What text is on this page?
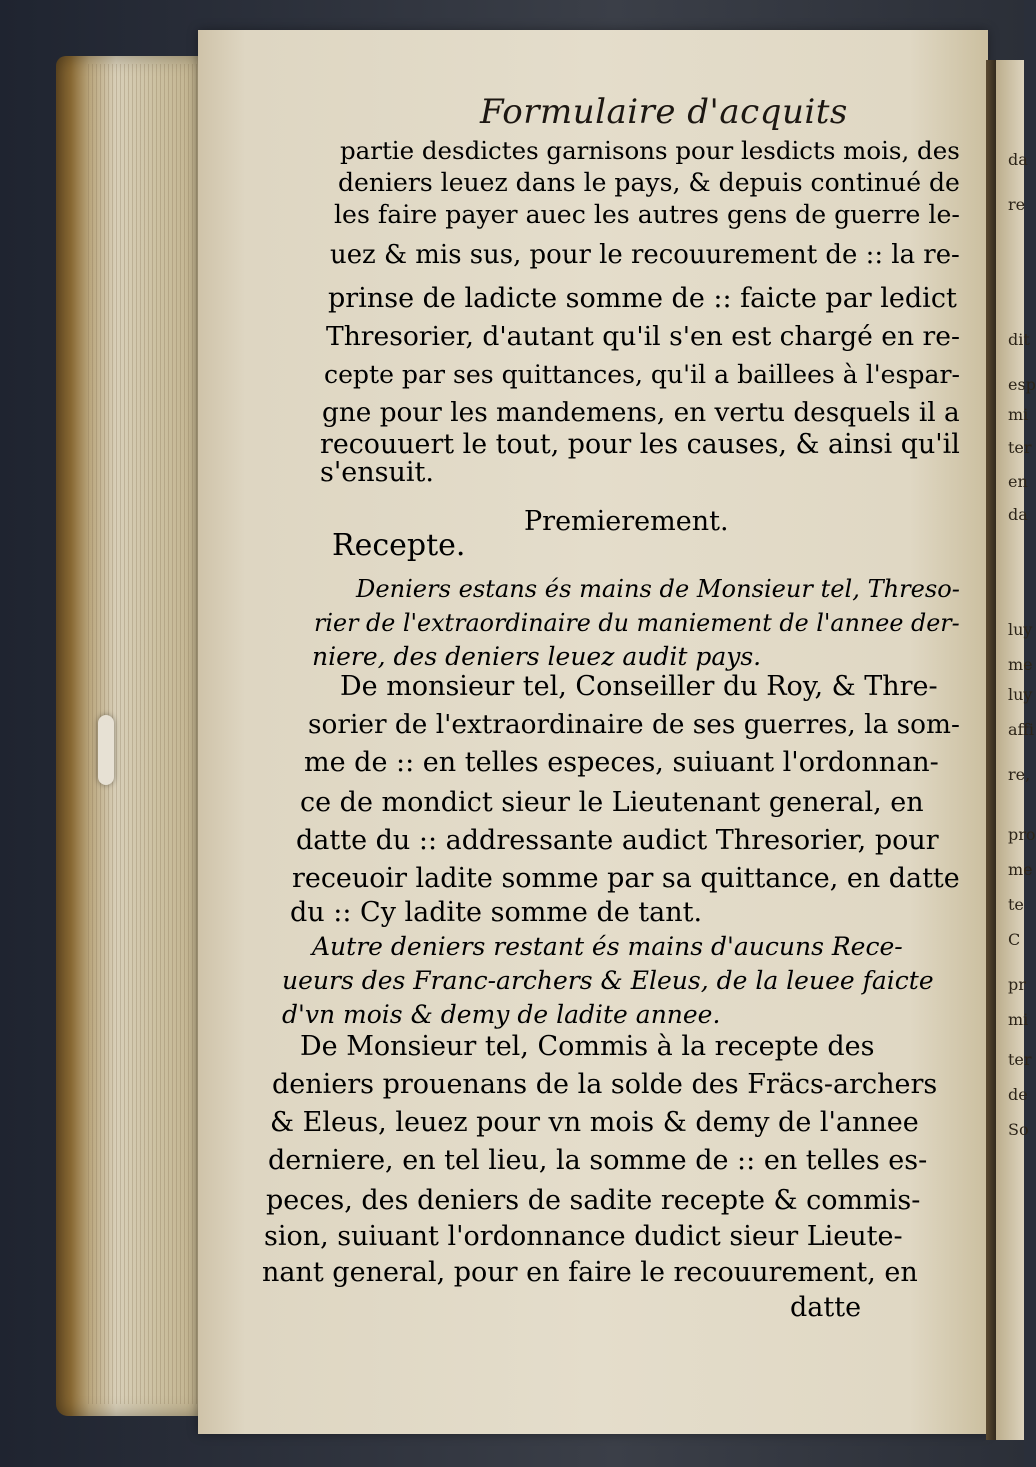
da
re
dit
esp
mi
ter
en
da
luy
me
luy
affi
re,
pro
me
te
C
pr
mi
ter
de
So
Formulaire d'acquits
partie desdictes garnisons pour lesdicts mois, des
deniers leuez dans le pays, & depuis continué de
les faire payer auec les autres gens de guerre le-
uez & mis sus, pour le recouurement de :: la re-
prinse de ladicte somme de :: faicte par ledict
Thresorier, d'autant qu'il s'en est chargé en re-
cepte par ses quittances, qu'il a baillees à l'espar-
gne pour les mandemens, en vertu desquels il a
recouuert le tout, pour les causes, & ainsi qu'il
s'ensuit.
Premierement.
Recepte.
Deniers estans és mains de Monsieur tel, Threso-
rier de l'extraordinaire du maniement de l'annee der-
niere, des deniers leuez audit pays.
De monsieur tel, Conseiller du Roy, & Thre-
sorier de l'extraordinaire de ses guerres, la som-
me de :: en telles especes, suiuant l'ordonnan-
ce de mondict sieur le Lieutenant general, en
datte du :: addressante audict Thresorier, pour
receuoir ladite somme par sa quittance, en datte
du :: Cy ladite somme de tant.
Autre deniers restant és mains d'aucuns Rece-
ueurs des Franc-archers & Eleus, de la leuee faicte
d'vn mois & demy de ladite annee.
De Monsieur tel, Commis à la recepte des
deniers prouenans de la solde des Fräcs-archers
& Eleus, leuez pour vn mois & demy de l'annee
derniere, en tel lieu, la somme de :: en telles es-
peces, des deniers de sadite recepte & commis-
sion, suiuant l'ordonnance dudict sieur Lieute-
nant general, pour en faire le recouurement, en
datte
